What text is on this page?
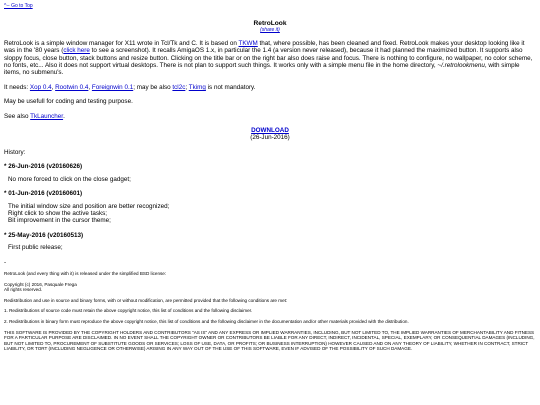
^-- Go to Top
RetroLook
(share it)

RetroLook is a simple window manager for X11 wrote in Tcl/Tk and C. It is based on TKWM that, where possible, has been cleaned and fixed. RetroLook makes your desktop looking like it was in the '80 years (click here to see a screenshot). It recalls AmigaOS 1.x, in particular the 1.4 (a version never released), because it had planned the maximized button. It supports also sloppy focus, close button, stack buttons and resize button. Clicking on the title bar or on the right bar also does raise and focus. There is nothing to configure, no wallpaper, no color scheme, no fonts, etc... Also it does not support virtual desktops. There is not plan to support such things. It works only with a simple menu file in the home directory, ~/.retrolookmenu, with simple items, no submenu's.

It needs: Xop 0.4, Rootwin 0.4, Foreignwin 0.1; may be also tcl2c; Tkimg is not mandatory.

May be usefull for coding and testing purpose.

See also TkLauncher.

DOWNLOAD
(26-Jun-2016)

History:

* 26-Jun-2016 (v20160626)

No more forced to click on the close gadget;

* 01-Jun-2016 (v20160601)

The initial window size and position are better recognized;

Right click to show the active tasks;

Bit improvement in the cursor theme;

* 25-May-2016 (v20160513)

First public release;

-

RetroLook (and every thing with it) is released under the simplified BSD license:

Copyright (c) 2016, Pasquale Frega

All rights reserved.

Redistribution and use in source and binary forms, with or without modification, are permitted provided that the following conditions are met:

1. Redistributions of source code must retain the above copyright notice, this list of conditions and the following disclaimer.

2. Redistributions in binary form must reproduce the above copyright notice, this list of conditions and the following disclaimer in the documentation and/or other materials provided with the distribution.

THIS SOFTWARE IS PROVIDED BY THE COPYRIGHT HOLDERS AND CONTRIBUTORS "AS IS" AND ANY EXPRESS OR IMPLIED WARRANTIES, INCLUDING, BUT NOT LIMITED TO, THE IMPLIED WARRANTIES OF MERCHANTABILITY AND FITNESS FOR A PARTICULAR PURPOSE ARE DISCLAIMED. IN NO EVENT SHALL THE COPYRIGHT OWNER OR CONTRIBUTORS BE LIABLE FOR ANY DIRECT, INDIRECT, INCIDENTAL, SPECIAL, EXEMPLARY, OR CONSEQUENTIAL DAMAGES (INCLUDING, BUT NOT LIMITED TO, PROCUREMENT OF SUBSTITUTE GOODS OR SERVICES; LOSS OF USE, DATA, OR PROFITS; OR BUSINESS INTERRUPTION) HOWEVER CAUSED AND ON ANY THEORY OF LIABILITY, WHETHER IN CONTRACT, STRICT LIABILITY, OR TORT (INCLUDING NEGLIGENCE OR OTHERWISE) ARISING IN ANY WAY OUT OF THE USE OF THIS SOFTWARE, EVEN IF ADVISED OF THE POSSIBILITY OF SUCH DAMAGE.
